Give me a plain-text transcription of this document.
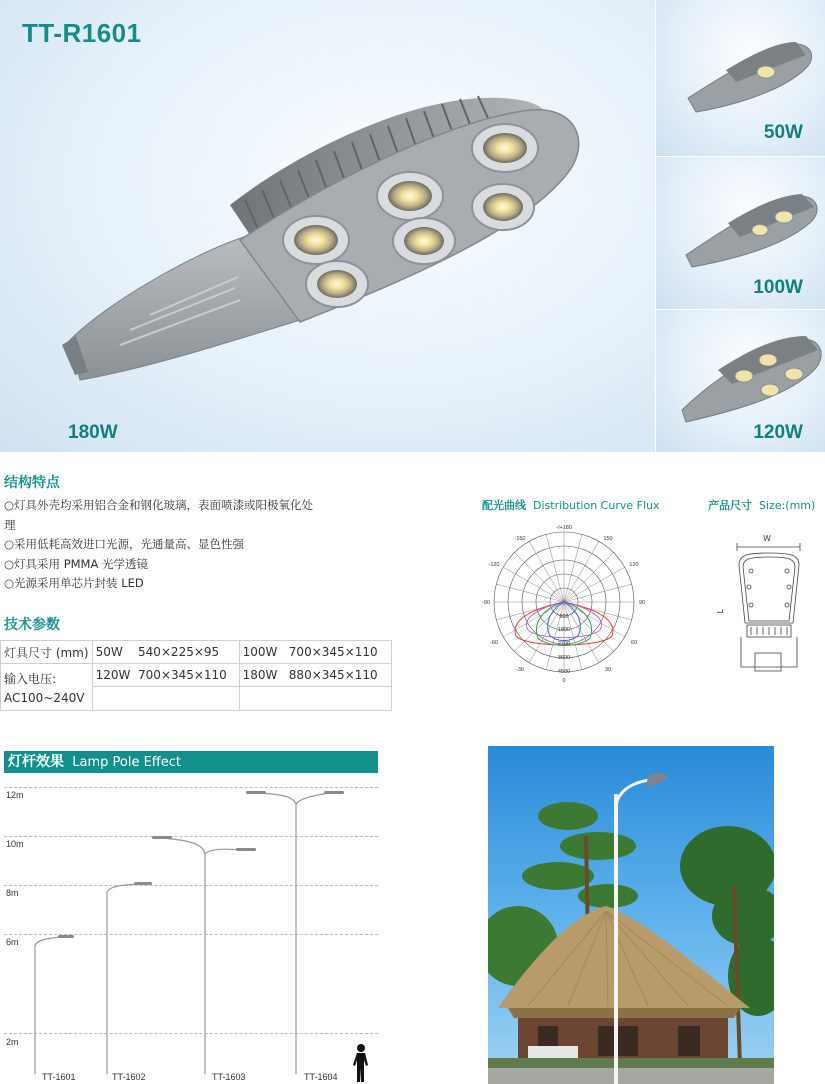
TT-R1601
180W
50W
100W
120W
结构特点
○灯具外壳均采用铝合金和钢化玻璃，表面喷漆或阳极氧化处理
○采用低耗高效进口光源，光通量高、显色性强
○灯具采用 PMMA 光学透镜
○光源采用单芯片封装 LED
配光曲线 Distribution Curve Flux
-/+180
-150	150
-120	120
-90	90
-60	60
-30	30
0
900
1800
2700
3600
4500
产品尺寸 Size:(mm)
W
L
技术参数
灯具尺寸 (mm)	50W 540×225×95	100W 700×345×110

输入电压:
AC100~240V	120W 700×345×110	180W 880×345×110

灯杆效果 Lamp Pole Effect
12m
10m
8m
6m
2m
TT-1601	TT-1602	TT-1603	TT-1604
